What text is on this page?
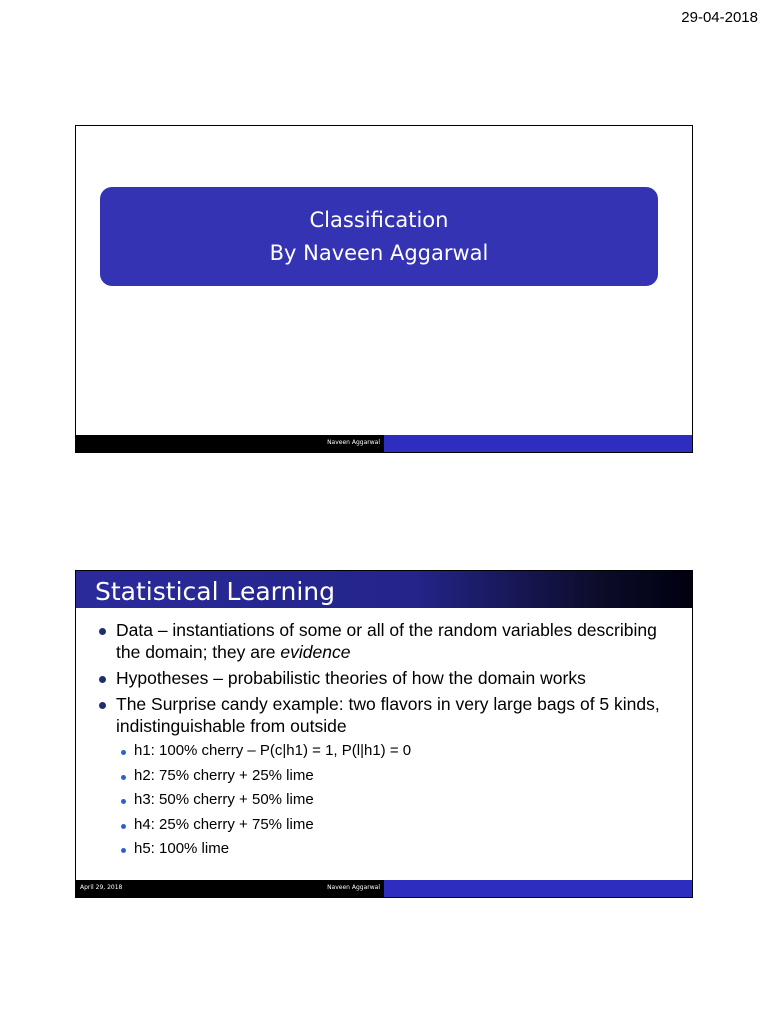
29-04-2018
Classification
By Naveen Aggarwal
Naveen Aggarwal
Statistical Learning
Data – instantiations of some or all of the random variables describing the domain; they are evidence
Hypotheses – probabilistic theories of how the domain works
The Surprise candy example: two flavors in very large bags of 5 kinds, indistinguishable from outside
h1: 100% cherry – P(c|h1) = 1, P(l|h1) = 0
h2: 75% cherry + 25% lime
h3: 50% cherry + 50% lime
h4: 25% cherry + 75% lime
h5: 100% lime
April 29, 2018	Naveen Aggarwal
